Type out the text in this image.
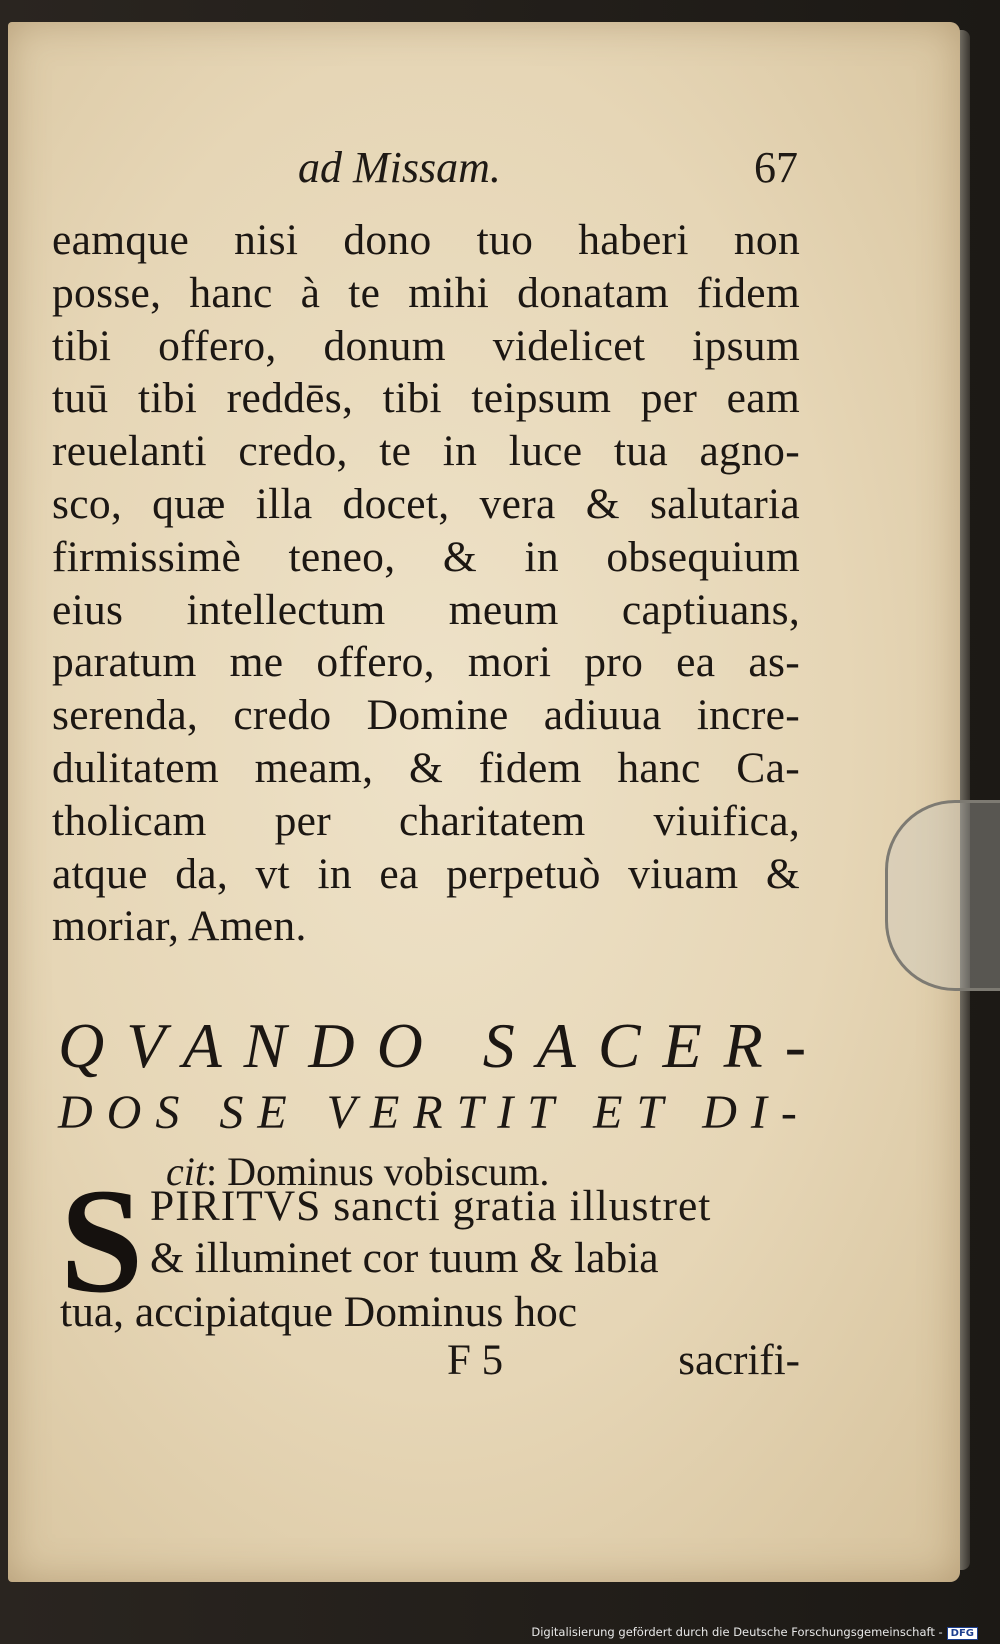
ad Missam.	67
eamque nisi dono tuo haberi non
posse, hanc à te mihi donatam fidem
tibi offero, donum videlicet ipsum
tuū tibi reddēs, tibi teipsum per eam
reuelanti credo, te in luce tua agno-
sco, quæ illa docet, vera & salutaria
firmissimè teneo, & in obsequium
eius intellectum meum captiuans,
paratum me offero, mori pro ea as-
serenda, credo Domine adiuua incre-
dulitatem meam, & fidem hanc Ca-
tholicam per charitatem viuifica,
atque da, vt in ea perpetuò viuam &
moriar, Amen.
QVANDO SACER-
DOS SE VERTIT ET DI-
cit: Dominus vobiscum.
S PIRITVS sancti gratia illustret
& illuminet cor tuum & labia
tua, accipiatque Dominus hoc
F 5	sacrifi-
Digitalisierung gefördert durch die Deutsche Forschungsgemeinschaft - DFG
